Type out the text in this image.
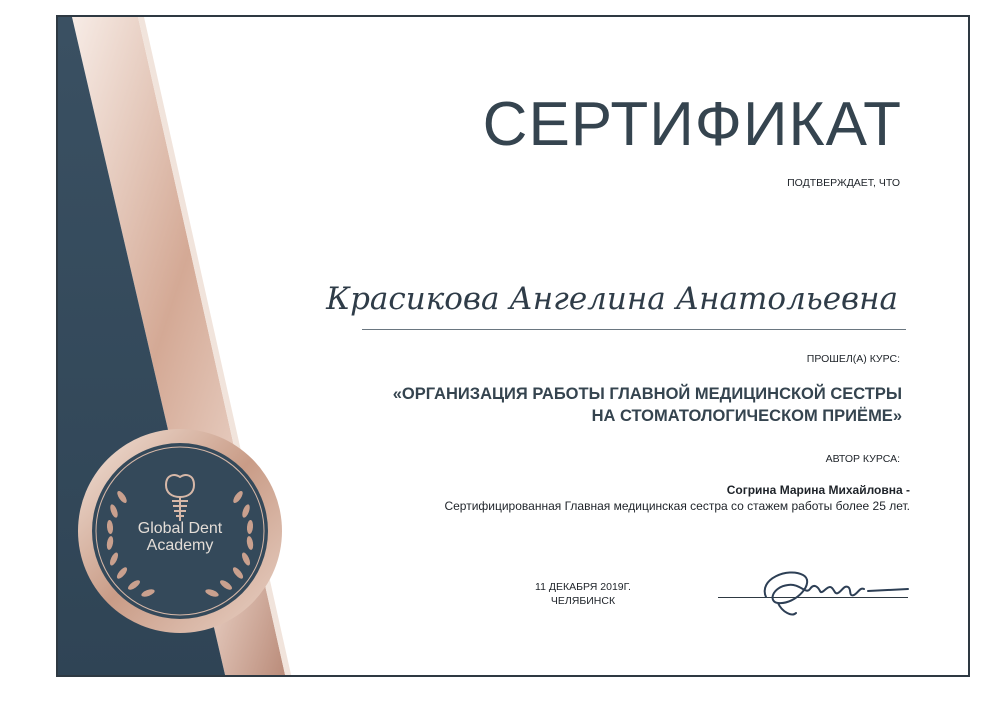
СЕРТИФИКАТ
ПОДТВЕРЖДАЕТ, ЧТО
Красикова Ангелина Анатольевна
ПРОШЕЛ(А) КУРС:
«ОРГАНИЗАЦИЯ РАБОТЫ ГЛАВНОЙ МЕДИЦИНСКОЙ СЕСТРЫ
НА СТОМАТОЛОГИЧЕСКОМ ПРИЁМЕ»
АВТОР КУРСА:
Согрина Марина Михайловна -
Сертифицированная Главная медицинская сестра со стажем работы более 25 лет.
11 ДЕКАБРЯ 2019Г.
ЧЕЛЯБИНСК
Global Dent
Academy
